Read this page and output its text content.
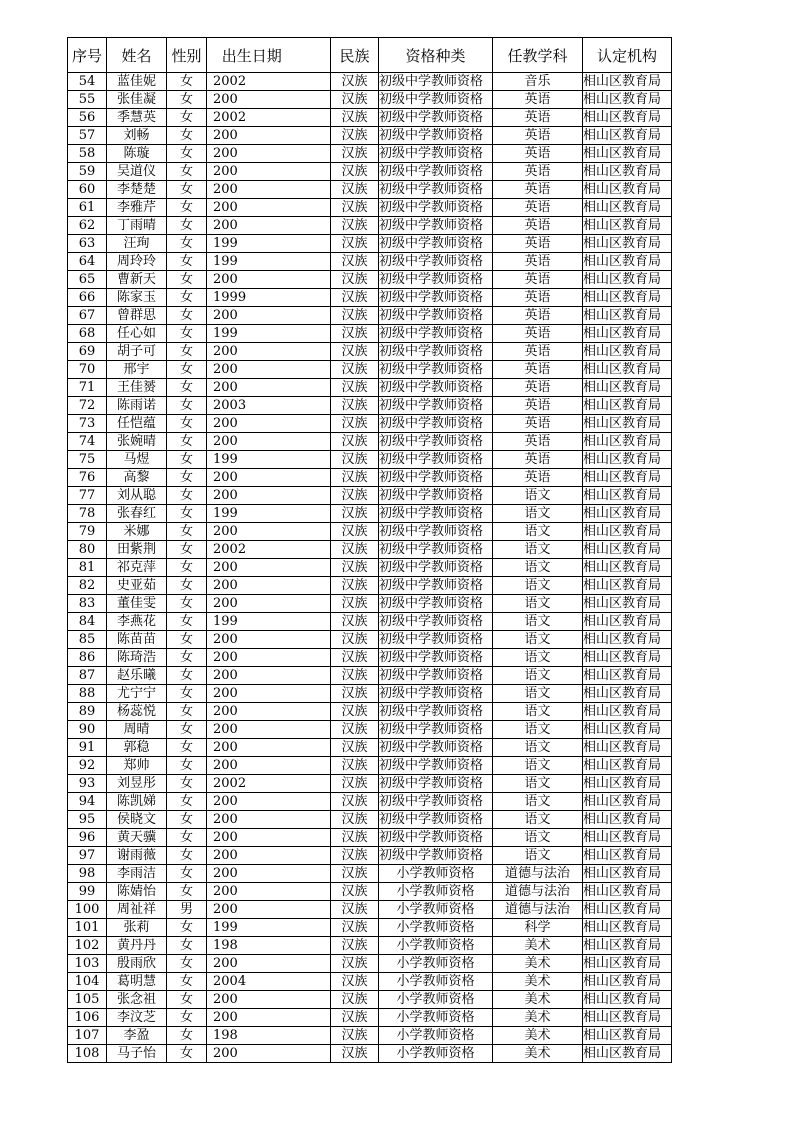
序号	姓名	性别	出生日期		民族	资格种类	任教学科	认定机构
54	蓝佳妮	女	2002		汉族	初级中学教师资格	音乐	相山区教育局
55	张佳凝	女	200		汉族	初级中学教师资格	英语	相山区教育局
56	季慧英	女	2002		汉族	初级中学教师资格	英语	相山区教育局
57	刘畅	女	200		汉族	初级中学教师资格	英语	相山区教育局
58	陈璇	女	200		汉族	初级中学教师资格	英语	相山区教育局
59	吴道仪	女	200		汉族	初级中学教师资格	英语	相山区教育局
60	李楚楚	女	200		汉族	初级中学教师资格	英语	相山区教育局
61	李雅芹	女	200		汉族	初级中学教师资格	英语	相山区教育局
62	丁雨晴	女	200		汉族	初级中学教师资格	英语	相山区教育局
63	汪珣	女	199		汉族	初级中学教师资格	英语	相山区教育局
64	周玲玲	女	199		汉族	初级中学教师资格	英语	相山区教育局
65	曹新天	女	200		汉族	初级中学教师资格	英语	相山区教育局
66	陈家玉	女	1999		汉族	初级中学教师资格	英语	相山区教育局
67	曾群思	女	200		汉族	初级中学教师资格	英语	相山区教育局
68	任心如	女	199		汉族	初级中学教师资格	英语	相山区教育局
69	胡子可	女	200		汉族	初级中学教师资格	英语	相山区教育局
70	邢宇	女	200		汉族	初级中学教师资格	英语	相山区教育局
71	王佳赟	女	200		汉族	初级中学教师资格	英语	相山区教育局
72	陈雨诺	女	2003		汉族	初级中学教师资格	英语	相山区教育局
73	任恺蕴	女	200		汉族	初级中学教师资格	英语	相山区教育局
74	张婉晴	女	200		汉族	初级中学教师资格	英语	相山区教育局
75	马煜	女	199		汉族	初级中学教师资格	英语	相山区教育局
76	高黎	女	200		汉族	初级中学教师资格	英语	相山区教育局
77	刘从聪	女	200		汉族	初级中学教师资格	语文	相山区教育局
78	张春红	女	199		汉族	初级中学教师资格	语文	相山区教育局
79	米娜	女	200		汉族	初级中学教师资格	语文	相山区教育局
80	田紫荆	女	2002		汉族	初级中学教师资格	语文	相山区教育局
81	祁克萍	女	200		汉族	初级中学教师资格	语文	相山区教育局
82	史亚茹	女	200		汉族	初级中学教师资格	语文	相山区教育局
83	董佳雯	女	200		汉族	初级中学教师资格	语文	相山区教育局
84	李燕花	女	199		汉族	初级中学教师资格	语文	相山区教育局
85	陈苗苗	女	200		汉族	初级中学教师资格	语文	相山区教育局
86	陈琦浩	女	200		汉族	初级中学教师资格	语文	相山区教育局
87	赵乐曦	女	200		汉族	初级中学教师资格	语文	相山区教育局
88	尤宁宁	女	200		汉族	初级中学教师资格	语文	相山区教育局
89	杨蕊悦	女	200		汉族	初级中学教师资格	语文	相山区教育局
90	周晴	女	200		汉族	初级中学教师资格	语文	相山区教育局
91	郭稳	女	200		汉族	初级中学教师资格	语文	相山区教育局
92	郑帅	女	200		汉族	初级中学教师资格	语文	相山区教育局
93	刘昱彤	女	2002		汉族	初级中学教师资格	语文	相山区教育局
94	陈凯娣	女	200		汉族	初级中学教师资格	语文	相山区教育局
95	侯晓文	女	200		汉族	初级中学教师资格	语文	相山区教育局
96	黄天骥	女	200		汉族	初级中学教师资格	语文	相山区教育局
97	谢雨薇	女	200		汉族	初级中学教师资格	语文	相山区教育局
98	李雨洁	女	200		汉族	小学教师资格	道德与法治	相山区教育局
99	陈婧怡	女	200		汉族	小学教师资格	道德与法治	相山区教育局
100	周祉祥	男	200		汉族	小学教师资格	道德与法治	相山区教育局
101	张莉	女	199		汉族	小学教师资格	科学	相山区教育局
102	黄丹丹	女	198		汉族	小学教师资格	美术	相山区教育局
103	殷雨欣	女	200		汉族	小学教师资格	美术	相山区教育局
104	葛明慧	女	2004		汉族	小学教师资格	美术	相山区教育局
105	张念祖	女	200		汉族	小学教师资格	美术	相山区教育局
106	李汶芝	女	200		汉族	小学教师资格	美术	相山区教育局
107	李盈	女	198		汉族	小学教师资格	美术	相山区教育局
108	马子怡	女	200		汉族	小学教师资格	美术	相山区教育局
